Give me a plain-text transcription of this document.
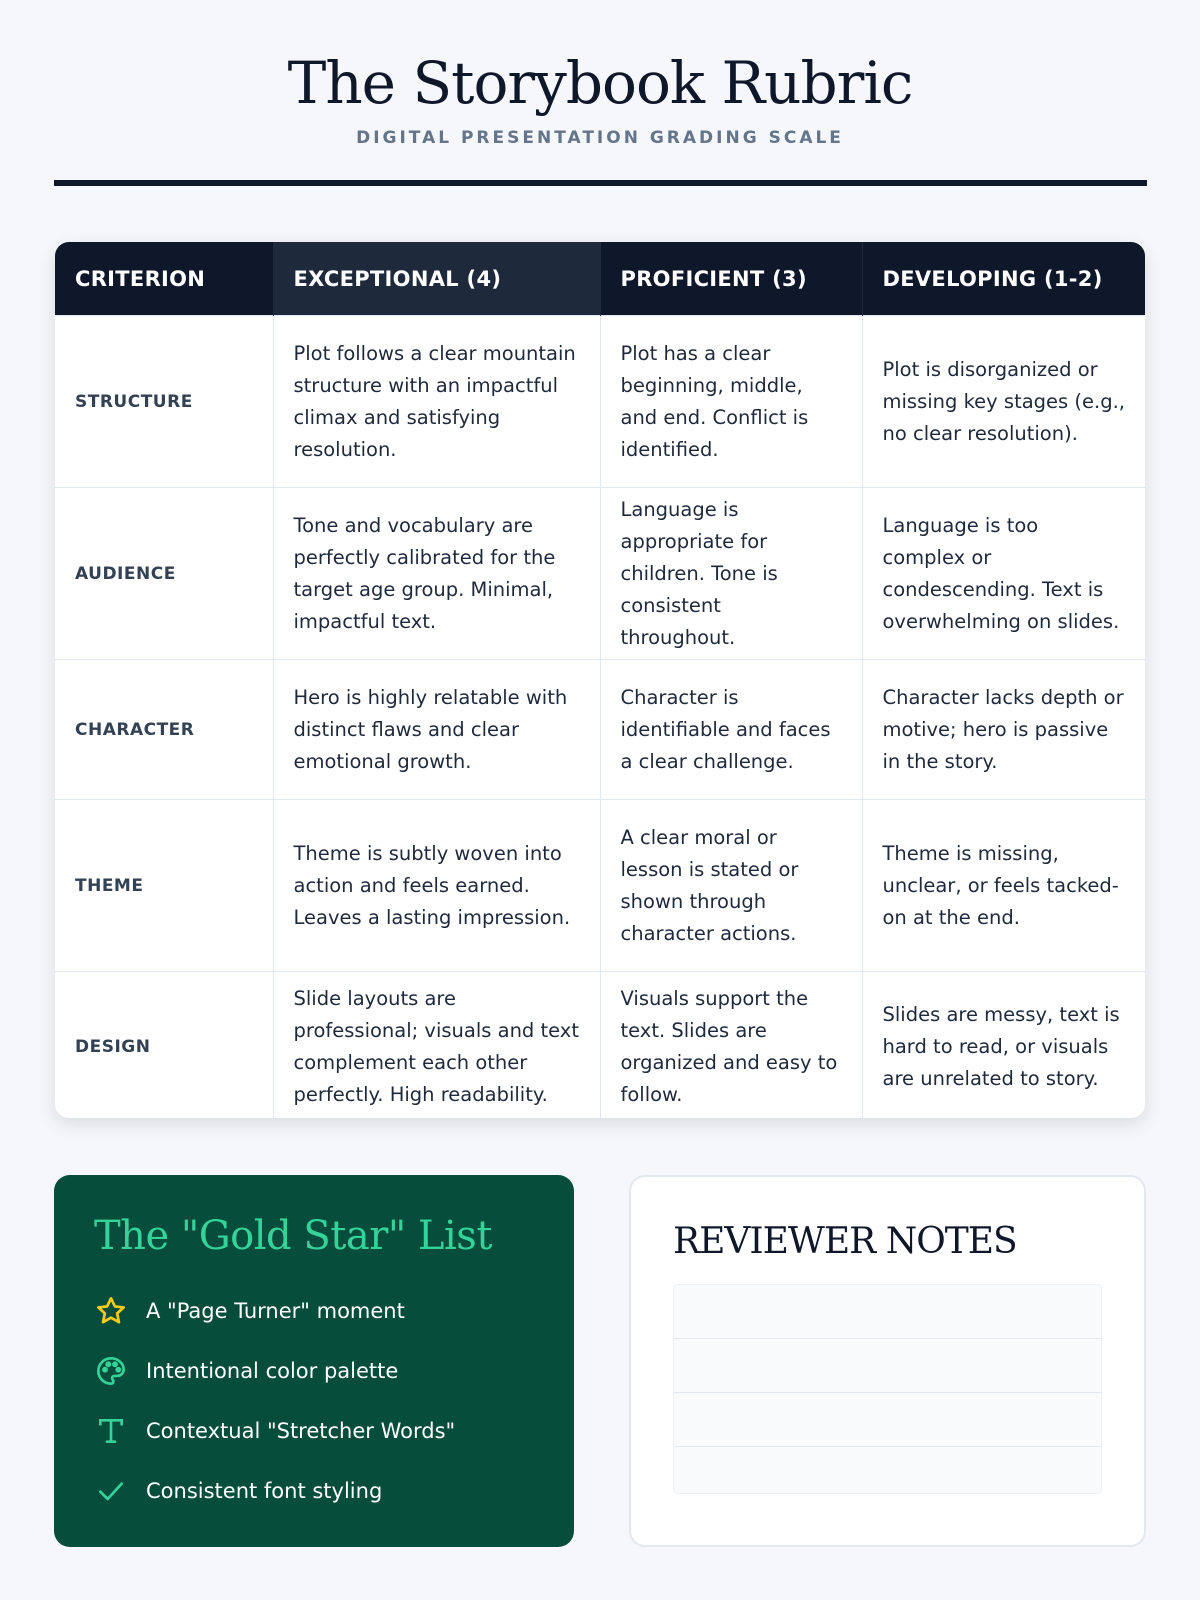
The Storybook Rubric
DIGITAL PRESENTATION GRADING SCALE
CRITERION	EXCEPTIONAL (4)	PROFICIENT (3)	DEVELOPING (1-2)
STRUCTURE	Plot follows a clear mountain structure with an impactful climax and satisfying resolution.	Plot has a clear beginning, middle, and end. Conflict is identified.	Plot is disorganized or missing key stages (e.g., no clear resolution).
AUDIENCE	Tone and vocabulary are perfectly calibrated for the target age group. Minimal, impactful text.	Language is appropriate for children. Tone is consistent throughout.	Language is too complex or condescending. Text is overwhelming on slides.
CHARACTER	Hero is highly relatable with distinct flaws and clear emotional growth.	Character is identifiable and faces a clear challenge.	Character lacks depth or motive; hero is passive in the story.
THEME	Theme is subtly woven into action and feels earned. Leaves a lasting impression.	A clear moral or lesson is stated or shown through character actions.	Theme is missing, unclear, or feels tacked-on at the end.
DESIGN	Slide layouts are professional; visuals and text complement each other perfectly. High readability.	Visuals support the text. Slides are organized and easy to follow.	Slides are messy, text is hard to read, or visuals are unrelated to story.
The "Gold Star" List
A "Page Turner" moment
Intentional color palette
Contextual "Stretcher Words"
Consistent font styling
REVIEWER NOTES
